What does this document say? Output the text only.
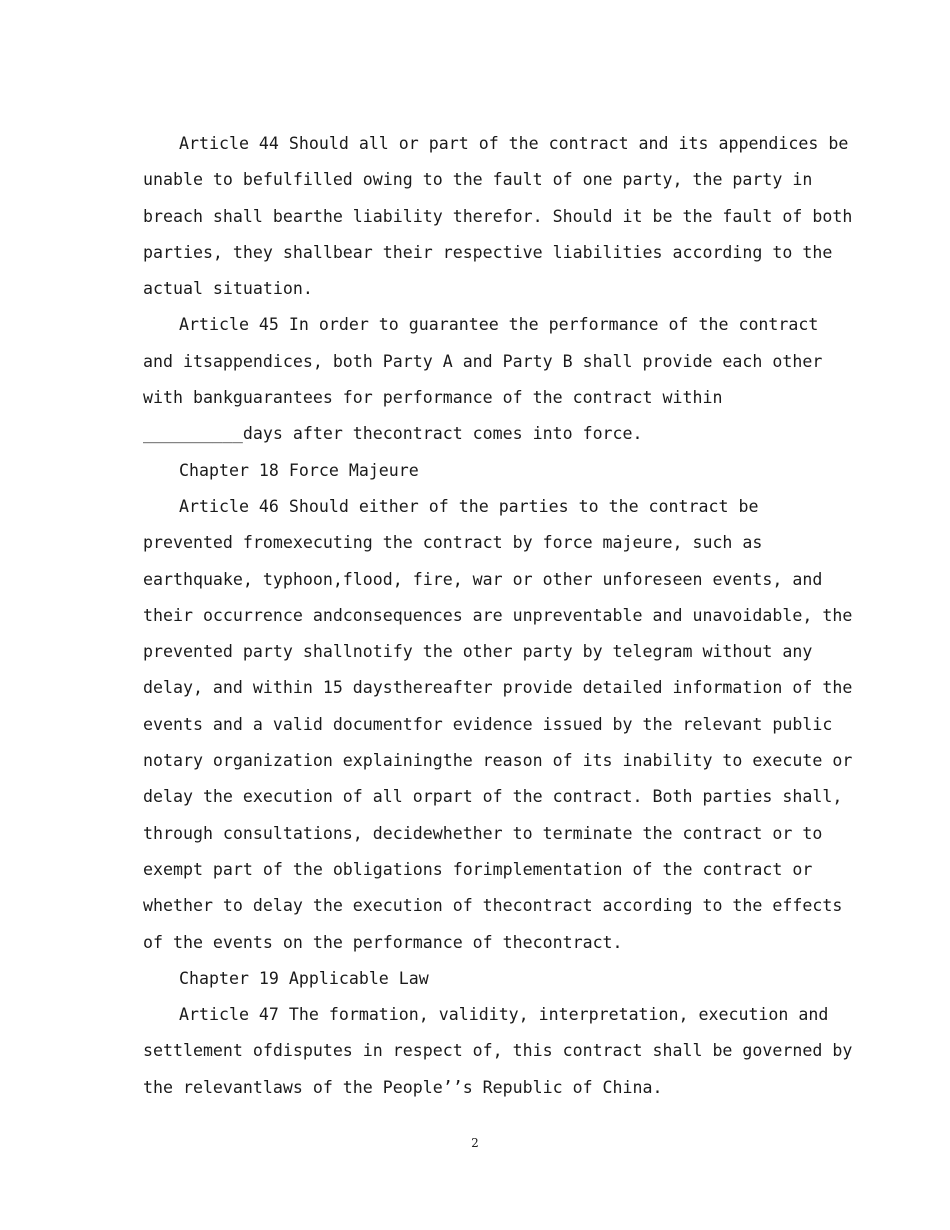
Article 44 Should all or part of the contract and its appendices be
unable to befulfilled owing to the fault of one party, the party in
breach shall bearthe liability therefor. Should it be the fault of both
parties, they shallbear their respective liabilities according to the
actual situation.
Article 45 In order to guarantee the performance of the contract
and itsappendices, both Party A and Party B shall provide each other
with bankguarantees for performance of the contract within
__________days after thecontract comes into force.
Chapter 18 Force Majeure
Article 46 Should either of the parties to the contract be
prevented fromexecuting the contract by force majeure, such as
earthquake, typhoon,flood, fire, war or other unforeseen events, and
their occurrence andconsequences are unpreventable and unavoidable, the
prevented party shallnotify the other party by telegram without any
delay, and within 15 daysthereafter provide detailed information of the
events and a valid documentfor evidence issued by the relevant public
notary organization explainingthe reason of its inability to execute or
delay the execution of all orpart of the contract. Both parties shall,
through consultations, decidewhether to terminate the contract or to
exempt part of the obligations forimplementation of the contract or
whether to delay the execution of thecontract according to the effects
of the events on the performance of thecontract.
Chapter 19 Applicable Law
Article 47 The formation, validity, interpretation, execution and
settlement ofdisputes in respect of, this contract shall be governed by
the relevantlaws of the People’’s Republic of China.
2
